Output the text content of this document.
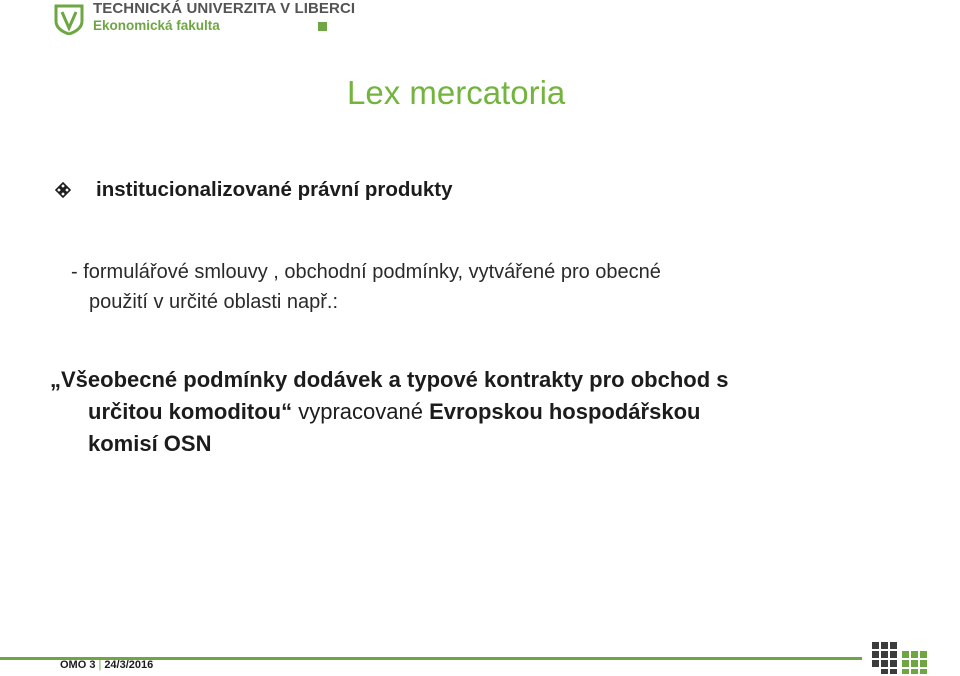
TECHNICKÁ UNIVERZITA V LIBERCI
Ekonomická fakulta
Lex mercatoria
institucionalizované právní produkty
- formulářové smlouvy , obchodní podmínky, vytvářené pro obecné
použití v určité oblasti např.:
„Všeobecné podmínky dodávek a typové kontrakty pro obchod s
určitou komoditou“ vypracované Evropskou hospodářskou
komisí OSN
OMO 3 | 24/3/2016
